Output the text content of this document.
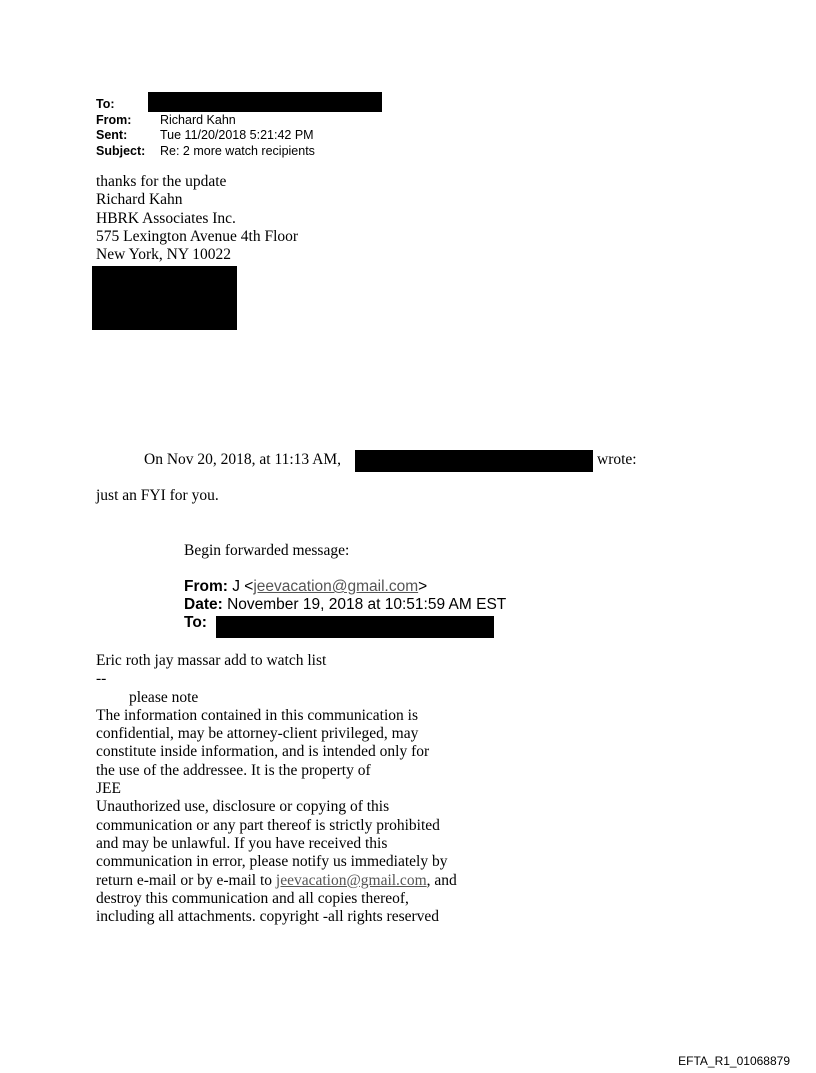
To:
From:	Richard Kahn
Sent:	Tue 11/20/2018 5:21:42 PM
Subject:	Re: 2 more watch recipients
thanks for the update
Richard Kahn
HBRK Associates Inc.
575 Lexington Avenue 4th Floor
New York, NY 10022
On Nov 20, 2018, at 11:13 AM,	wrote:
just an FYI for you.
Begin forwarded message:
From: J <jeevacation@gmail.com>
Date: November 19, 2018 at 10:51:59 AM EST
To:
Eric roth jay massar add to watch list
--
please note
The information contained in this communication is
confidential, may be attorney-client privileged, may
constitute inside information, and is intended only for
the use of the addressee. It is the property of
JEE
Unauthorized use, disclosure or copying of this
communication or any part thereof is strictly prohibited
and may be unlawful. If you have received this
communication in error, please notify us immediately by
return e-mail or by e-mail to jeevacation@gmail.com, and
destroy this communication and all copies thereof,
including all attachments. copyright -all rights reserved
EFTA_R1_01068879
